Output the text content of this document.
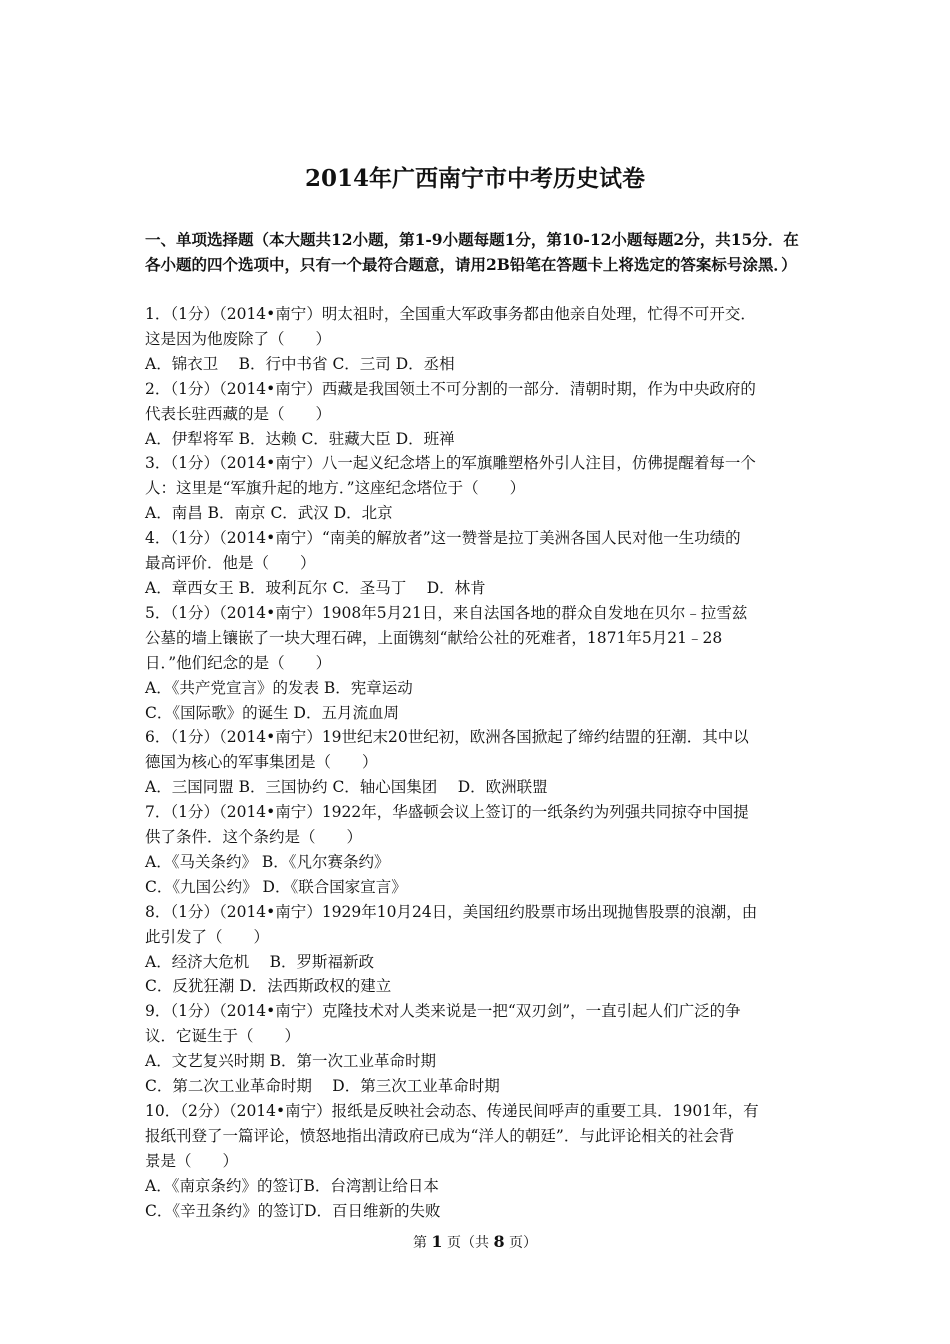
2014年广西南宁市中考历史试卷
一、单项选择题（本大题共12小题，第1-9小题每题1分，第10-12小题每题2分，共15分．在各小题的四个选项中，只有一个最符合题意，请用2B铅笔在答题卡上将选定的答案标号涂黑．）
1．（1分）（2014•南宁）明太祖时，全国重大军政事务都由他亲自处理，忙得不可开交．
这是因为他废除了（　　）
A．锦衣卫　 B．行中书省 C．三司 D．丞相
2．（1分）（2014•南宁）西藏是我国领土不可分割的一部分．清朝时期，作为中央政府的
代表长驻西藏的是（　　）
A．伊犁将军 B．达赖 C．驻藏大臣 D．班禅
3．（1分）（2014•南宁）八一起义纪念塔上的军旗雕塑格外引人注目，仿佛提醒着每一个
人：这里是“军旗升起的地方．”这座纪念塔位于（　　）
A．南昌 B．南京 C．武汉 D．北京
4．（1分）（2014•南宁）“南美的解放者”这一赞誉是拉丁美洲各国人民对他一生功绩的
最高评价．他是（　　）
A．章西女王 B．玻利瓦尔 C．圣马丁　 D．林肯
5．（1分）（2014•南宁）1908年5月21日，来自法国各地的群众自发地在贝尔﹣拉雪兹
公墓的墙上镶嵌了一块大理石碑，上面镌刻“献给公社的死难者，1871年5月21﹣28
日．”他们纪念的是（　　）
A．《共产党宣言》的发表 B．宪章运动
C．《国际歌》的诞生 D．五月流血周
6．（1分）（2014•南宁）19世纪末20世纪初，欧洲各国掀起了缔约结盟的狂潮．其中以
德国为核心的军事集团是（　　）
A．三国同盟 B．三国协约 C．轴心国集团　 D．欧洲联盟
7．（1分）（2014•南宁）1922年，华盛顿会议上签订的一纸条约为列强共同掠夺中国提
供了条件．这个条约是（　　）
A．《马关条约》 B．《凡尔赛条约》
C．《九国公约》 D．《联合国家宣言》
8．（1分）（2014•南宁）1929年10月24日，美国纽约股票市场出现抛售股票的浪潮，由
此引发了（　　）
A．经济大危机　 B．罗斯福新政
C．反犹狂潮 D．法西斯政权的建立
9．（1分）（2014•南宁）克隆技术对人类来说是一把“双刃剑”，一直引起人们广泛的争
议．它诞生于（　　）
A．文艺复兴时期 B．第一次工业革命时期
C．第二次工业革命时期　 D．第三次工业革命时期
10．（2分）（2014•南宁）报纸是反映社会动态、传递民间呼声的重要工具．1901年，有
报纸刊登了一篇评论，愤怒地指出清政府已成为“洋人的朝廷”．与此评论相关的社会背
景是（　　）
A．《南京条约》的签订B．台湾割让给日本
C．《辛丑条约》的签订D．百日维新的失败
第 1 页（共 8 页）
